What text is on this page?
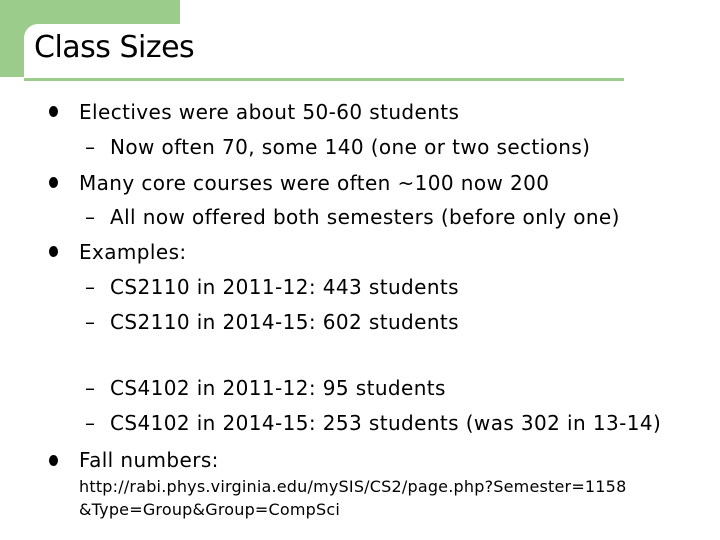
Class Sizes
Electives were about 50-60 students
– Now often 70, some 140 (one or two sections)
Many core courses were often ~100 now 200
– All now offered both semesters (before only one)
Examples:
– CS2110 in 2011-12: 443 students
– CS2110 in 2014-15: 602 students
– CS4102 in 2011-12: 95 students
– CS4102 in 2014-15: 253 students (was 302 in 13-14)
Fall numbers:
http://rabi.phys.virginia.edu/mySIS/CS2/page.php?Semester=1158
&Type=Group&Group=CompSci
